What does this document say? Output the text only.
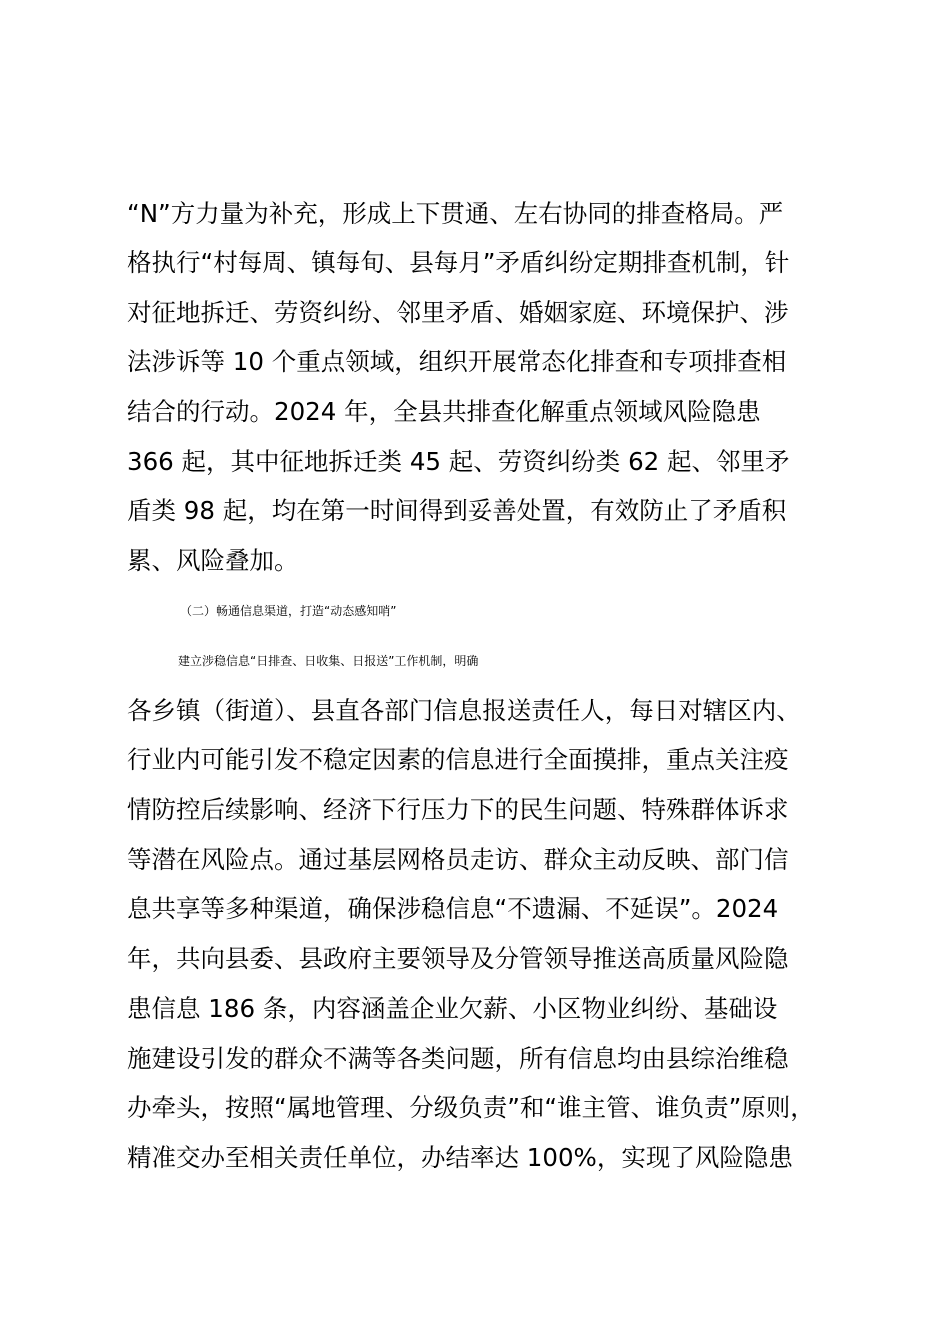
“N”方力量为补充，形成上下贯通、左右协同的排查格局。严
格执行“村每周、镇每旬、县每月”矛盾纠纷定期排查机制，针
对征地拆迁、劳资纠纷、邻里矛盾、婚姻家庭、环境保护、涉
法涉诉等 10 个重点领域，组织开展常态化排查和专项排查相
结合的行动。2024 年，全县共排查化解重点领域风险隐患
366 起，其中征地拆迁类 45 起、劳资纠纷类 62 起、邻里矛
盾类 98 起，均在第一时间得到妥善处置，有效防止了矛盾积
累、风险叠加。
（二）畅通信息渠道，打造“动态感知哨”
建立涉稳信息“日排查、日收集、日报送”工作机制，明确
各乡镇（街道）、县直各部门信息报送责任人，每日对辖区内、
行业内可能引发不稳定因素的信息进行全面摸排，重点关注疫
情防控后续影响、经济下行压力下的民生问题、特殊群体诉求
等潜在风险点。通过基层网格员走访、群众主动反映、部门信
息共享等多种渠道，确保涉稳信息“不遗漏、不延误”。2024
年，共向县委、县政府主要领导及分管领导推送高质量风险隐
患信息 186 条，内容涵盖企业欠薪、小区物业纠纷、基础设
施建设引发的群众不满等各类问题，所有信息均由县综治维稳
办牵头，按照“属地管理、分级负责”和“谁主管、谁负责”原则，
精准交办至相关责任单位，办结率达 100%，实现了风险隐患
